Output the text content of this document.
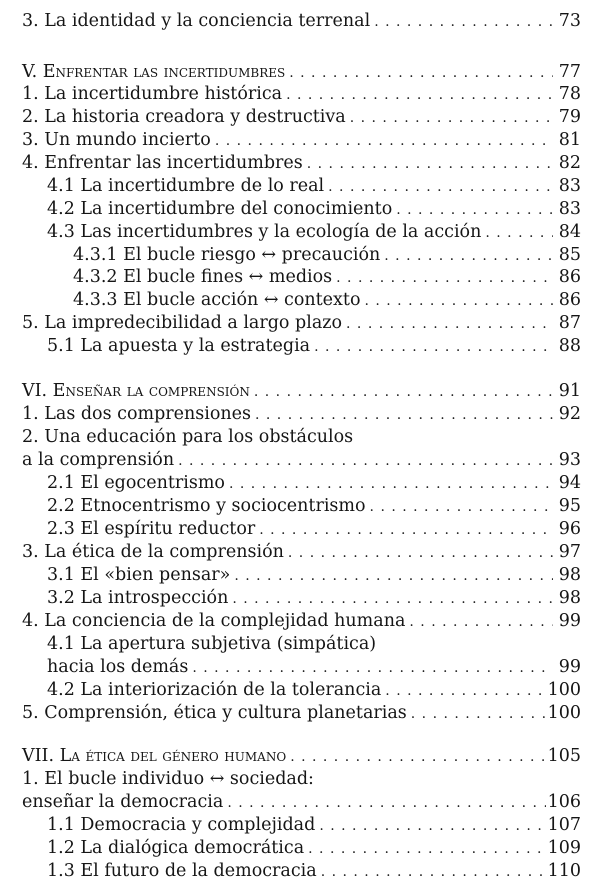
3. La identidad y la conciencia terrenal . . .	73
V. Enfrentar las incertidumbres . . .	77
1. La incertidumbre histórica . . .	78
2. La historia creadora y destructiva . . .	79
3. Un mundo incierto . . .	81
4. Enfrentar las incertidumbres . . .	82
4.1 La incertidumbre de lo real . . .	83
4.2 La incertidumbre del conocimiento . . .	83
4.3 Las incertidumbres y la ecología de la acción . . .	84
4.3.1 El bucle riesgo ↔ precaución . . .	85
4.3.2 El bucle fines ↔ medios . . .	86
4.3.3 El bucle acción ↔ contexto . . .	86
5. La impredecibilidad a largo plazo . . .	87
5.1 La apuesta y la estrategia . . .	88
VI. Enseñar la comprensión . . .	91
1. Las dos comprensiones . . .	92
2. Una educación para los obstáculos
a la comprensión . . .	93
2.1 El egocentrismo . . .	94
2.2 Etnocentrismo y sociocentrismo . . .	95
2.3 El espíritu reductor . . .	96
3. La ética de la comprensión . . .	97
3.1 El «bien pensar» . . .	98
3.2 La introspección . . .	98
4. La conciencia de la complejidad humana . . .	99
4.1 La apertura subjetiva (simpática)
hacia los demás . . .	99
4.2 La interiorización de la tolerancia . . .	100
5. Comprensión, ética y cultura planetarias . . .	100
VII. La ética del género humano . . .	105
1. El bucle individuo ↔ sociedad:
enseñar la democracia . . .	106
1.1 Democracia y complejidad . . .	107
1.2 La dialógica democrática . . .	109
1.3 El futuro de la democracia . . .	110
